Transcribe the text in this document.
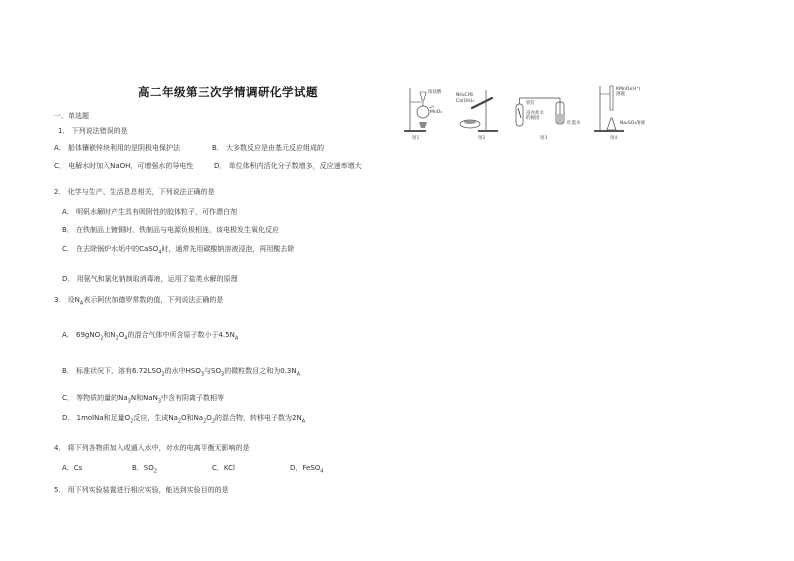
高二年级第三次学情调研化学试题	浓盐酸
MnO₂
图1
NH₄Cl和
Ca(OH)₂
图2
铁钉
浸食盐水
的棉团
红墨水
图3
KMnO₄(H⁺)
溶液
Na₂SO₃溶液
图4
一．单选题
1． 下列说法错误的是
A． 船体镶嵌锌块利用的是阴极电保护法	B． 大多数反应是由基元反应组成的
C． 电解水时加入NaOH，可增强水的导电性	D． 单位体积内活化分子数增多，反应速率增大
2． 化学与生产、生活息息相关，下列说法正确的是
A． 明矾水解时产生具有吸附性的胶体粒子，可作漂白剂
B． 在铁制品上镀铜时，铁制品与电源负极相连，该电极发生氧化反应
C． 在去除锅炉水垢中的CaSO$_4$时，通常先用碳酸钠溶液浸泡，再用酸去除
D． 用氨气和氯化钠制取消毒液，运用了盐类水解的原理
3． 设$N_A$表示阿伏加德罗常数的值，下列说法正确的是
A． 69gNO$_2$和$N_2O_4$的混合气体中所含原子数小于$4.5N_A$
B． 标准状况下，溶有$6.72LSO_2$的水中$HSO_3$与$SO_3$的微粒数目之和为$0.3N_A$
C． 等物质的量的$Na_3N$和NaN$_3$中含有阴离子数相等
D． 1molNa和足量$O_2$反应，生成$Na_2O$和$Na_2O_2$的混合物，转移电子数为$2N_A$
4． 将下列各物质加入或通入水中，对水的电离平衡无影响的是
A．Cs	B．$SO_2$	C．KCl	D．FeSO$_4$
5． 用下列实验装置进行相应实验，能达到实验目的的是
